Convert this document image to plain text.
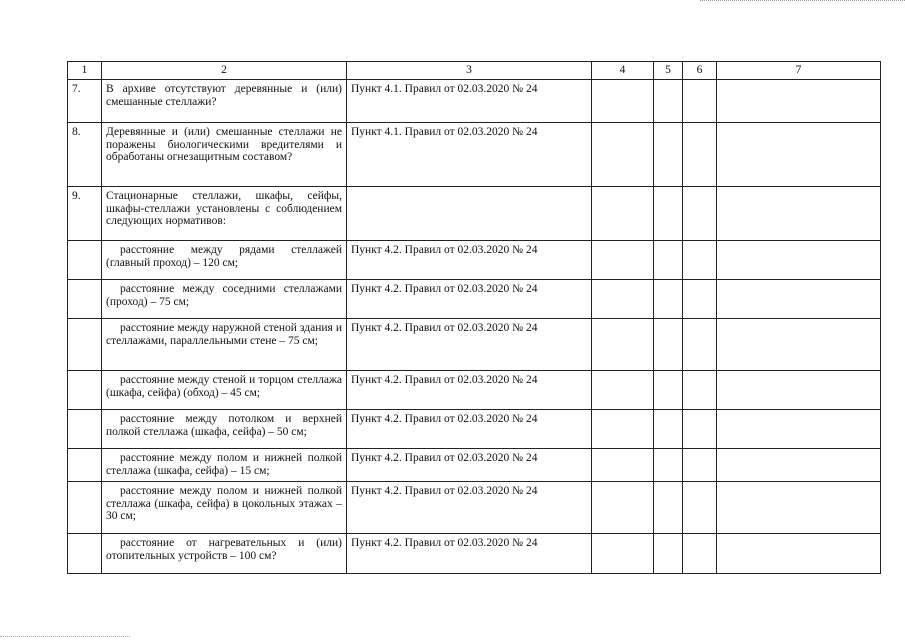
1	2	3	4	5	6	7
7.	В архиве отсутствуют деревянные и (или) смешанные стеллажи?	Пункт 4.1. Правил от 02.03.2020 № 24				
8.	Деревянные и (или) смешанные стеллажи не поражены биологическими вредителями и обработаны огнезащитным составом?	Пункт 4.1. Правил от 02.03.2020 № 24				
9.	Стационарные стеллажи, шкафы, сейфы, шкафы-стеллажи установлены с соблюдением следующих нормативов:					
	расстояние между рядами стеллажей (главный проход) – 120 см;	Пункт 4.2. Правил от 02.03.2020 № 24				
	расстояние между соседними стеллажами (проход) – 75 см;	Пункт 4.2. Правил от 02.03.2020 № 24				
	расстояние между наружной стеной здания и стеллажами, параллельными стене – 75 см;	Пункт 4.2. Правил от 02.03.2020 № 24				
	расстояние между стеной и торцом стеллажа (шкафа, сейфа) (обход) – 45 см;	Пункт 4.2. Правил от 02.03.2020 № 24				
	расстояние между потолком и верхней полкой стеллажа (шкафа, сейфа) – 50 см;	Пункт 4.2. Правил от 02.03.2020 № 24				
	расстояние между полом и нижней полкой стеллажа (шкафа, сейфа) – 15 см;	Пункт 4.2. Правил от 02.03.2020 № 24				
	расстояние между полом и нижней полкой стеллажа (шкафа, сейфа) в цокольных этажах – 30 см;	Пункт 4.2. Правил от 02.03.2020 № 24				
	расстояние от нагревательных и (или) отопительных устройств – 100 см?	Пункт 4.2. Правил от 02.03.2020 № 24				
